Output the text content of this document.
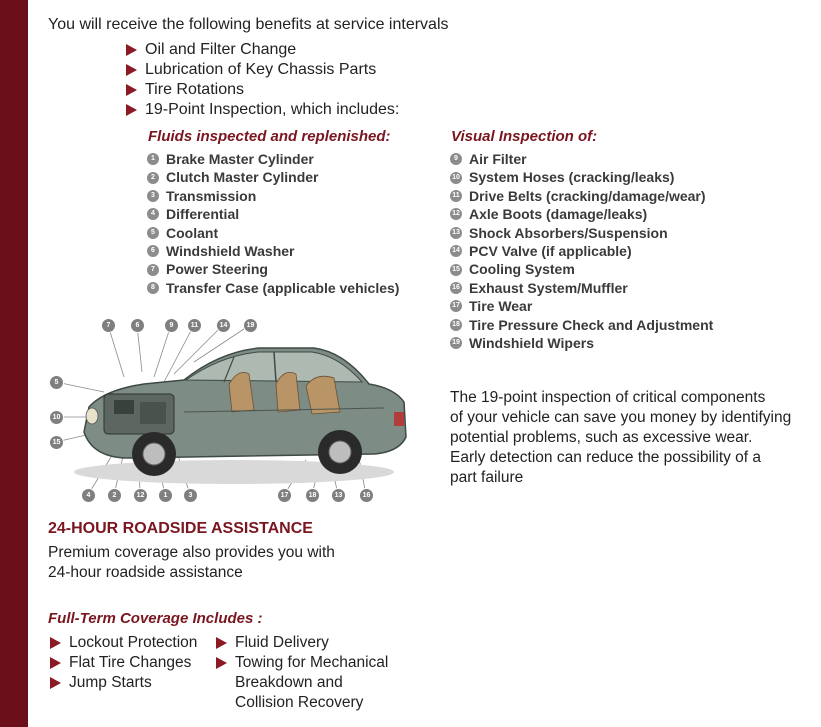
You will receive the following benefits at service intervals
Oil and Filter Change
Lubrication of Key Chassis Parts
Tire Rotations
19-Point Inspection, which includes:
Fluids inspected and replenished:
1 Brake Master Cylinder
2 Clutch Master Cylinder
3 Transmission
4 Differential
5 Coolant
6 Windshield Washer
7 Power Steering
8 Transfer Case (applicable vehicles)
Visual Inspection of:
9 Air Filter
10 System Hoses (cracking/leaks)
11 Drive Belts (cracking/damage/wear)
12 Axle Boots (damage/leaks)
13 Shock Absorbers/Suspension
14 PCV Valve (if applicable)
15 Cooling System
16 Exhaust System/Muffler
17 Tire Wear
18 Tire Pressure Check and Adjustment
19 Windshield Wipers
7	6	9	11	14	19
5
10
15
4	2	12	1	3	17	18	13	16
The 19-point inspection of critical components
of your vehicle can save you money by identifying
potential problems, such as excessive wear.
Early detection can reduce the possibility of a
part failure
24-HOUR ROADSIDE ASSISTANCE
Premium coverage also provides you with
24-hour roadside assistance
Full-Term Coverage Includes :
Lockout Protection
Flat Tire Changes
Jump Starts
Fluid Delivery
Towing for Mechanical
Breakdown and
Collision Recovery
